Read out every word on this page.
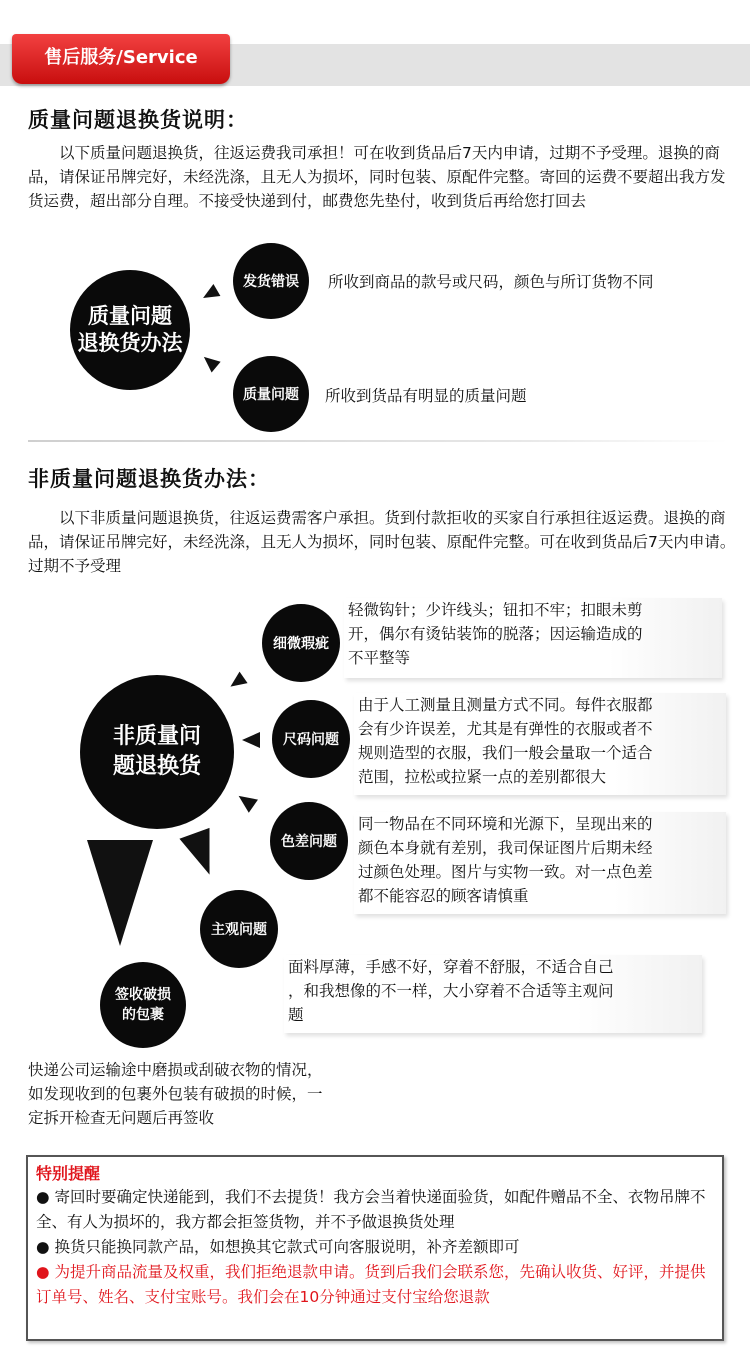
售后服务/Service
质量问题退换货说明：
以下质量问题退换货，往返运费我司承担！可在收到货品后7天内申请，过期不予受理。退换的商品，请保证吊牌完好，未经洗涤，且无人为损坏，同时包装、原配件完整。寄回的运费不要超出我方发货运费，超出部分自理。不接受快递到付，邮费您先垫付，收到货后再给您打回去
质量问题
退换货办法
发货错误 所收到商品的款号或尺码，颜色与所订货物不同
质量问题 所收到货品有明显的质量问题
非质量问题退换货办法：
以下非质量问题退换货，往返运费需客户承担。货到付款拒收的买家自行承担往返运费。退换的商品，请保证吊牌完好，未经洗涤，且无人为损坏，同时包装、原配件完整。可在收到货品后7天内申请。过期不予受理
非质量问
题退换货
细微瑕疵
轻微钩针；少许线头；钮扣不牢；扣眼未剪
开，偶尔有烫钻装饰的脱落；因运输造成的
不平整等
尺码问题
由于人工测量且测量方式不同。每件衣服都
会有少许误差，尤其是有弹性的衣服或者不
规则造型的衣服，我们一般会量取一个适合
范围，拉松或拉紧一点的差别都很大
色差问题
同一物品在不同环境和光源下，呈现出来的
颜色本身就有差别，我司保证图片后期未经
过颜色处理。图片与实物一致。对一点色差
都不能容忍的顾客请慎重
主观问题
面料厚薄，手感不好，穿着不舒服，不适合自己
，和我想像的不一样，大小穿着不合适等主观问
题
签收破损
的包裹
快递公司运输途中磨损或刮破衣物的情况，
如发现收到的包裹外包装有破损的时候，一
定拆开检查无问题后再签收
特别提醒
● 寄回时要确定快递能到，我们不去提货！我方会当着快递面验货，如配件赠品不全、衣物吊牌不全、有人为损坏的，我方都会拒签货物，并不予做退换货处理
● 换货只能换同款产品，如想换其它款式可向客服说明，补齐差额即可
● 为提升商品流量及权重，我们拒绝退款申请。货到后我们会联系您，先确认收货、好评，并提供订单号、姓名、支付宝账号。我们会在10分钟通过支付宝给您退款
